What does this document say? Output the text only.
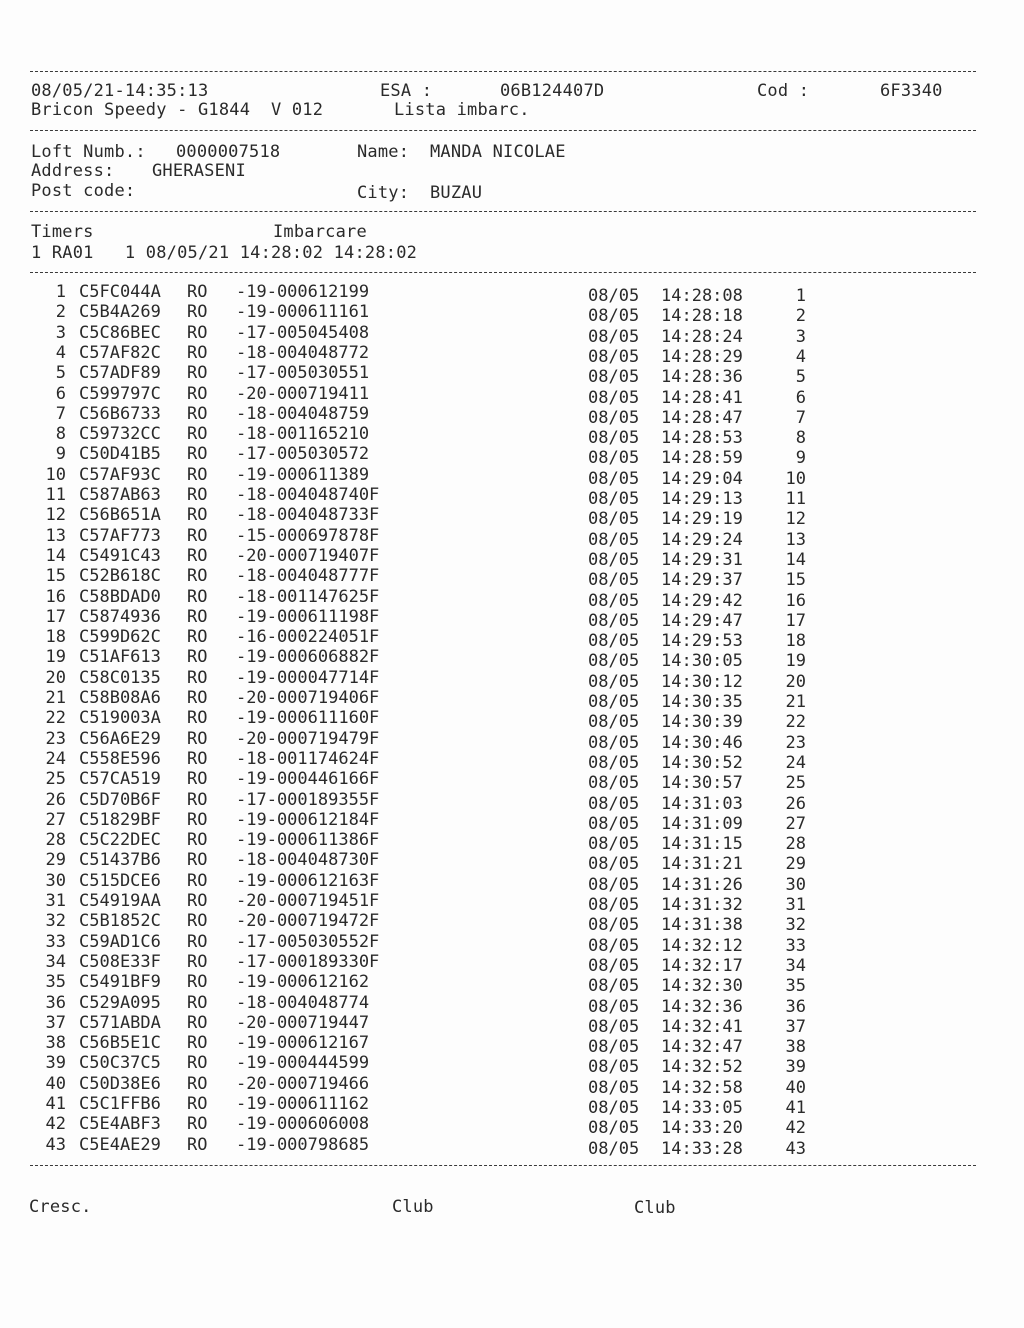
08/05/21-14:35:13	ESA :	06B124407D	Cod :	6F3340
Bricon Speedy - G1844  V 012	Lista imbarc.
Loft Numb.: 0000007518	Name: MANDA NICOLAE
Address: GHERASENI
Post code:	City: BUZAU
Timers	Imbarcare
1 RA01   1 08/05/21 14:28:02 14:28:02
1 C5FC044A RO -19-000612199	08/05 14:28:08	1
2 C5B4A269 RO -19-000611161	08/05 14:28:18	2
3 C5C86BEC RO -17-005045408	08/05 14:28:24	3
4 C57AF82C RO -18-004048772	08/05 14:28:29	4
5 C57ADF89 RO -17-005030551	08/05 14:28:36	5
6 C599797C RO -20-000719411	08/05 14:28:41	6
7 C56B6733 RO -18-004048759	08/05 14:28:47	7
8 C59732CC RO -18-001165210	08/05 14:28:53	8
9 C50D41B5 RO -17-005030572	08/05 14:28:59	9
10 C57AF93C RO -19-000611389	08/05 14:29:04	10
11 C587AB63 RO -18-004048740F	08/05 14:29:13	11
12 C56B651A RO -18-004048733F	08/05 14:29:19	12
13 C57AF773 RO -15-000697878F	08/05 14:29:24	13
14 C5491C43 RO -20-000719407F	08/05 14:29:31	14
15 C52B618C RO -18-004048777F	08/05 14:29:37	15
16 C58BDAD0 RO -18-001147625F	08/05 14:29:42	16
17 C5874936 RO -19-000611198F	08/05 14:29:47	17
18 C599D62C RO -16-000224051F	08/05 14:29:53	18
19 C51AF613 RO -19-000606882F	08/05 14:30:05	19
20 C58C0135 RO -19-000047714F	08/05 14:30:12	20
21 C58B08A6 RO -20-000719406F	08/05 14:30:35	21
22 C519003A RO -19-000611160F	08/05 14:30:39	22
23 C56A6E29 RO -20-000719479F	08/05 14:30:46	23
24 C558E596 RO -18-001174624F	08/05 14:30:52	24
25 C57CA519 RO -19-000446166F	08/05 14:30:57	25
26 C5D70B6F RO -17-000189355F	08/05 14:31:03	26
27 C51829BF RO -19-000612184F	08/05 14:31:09	27
28 C5C22DEC RO -19-000611386F	08/05 14:31:15	28
29 C51437B6 RO -18-004048730F	08/05 14:31:21	29
30 C515DCE6 RO -19-000612163F	08/05 14:31:26	30
31 C54919AA RO -20-000719451F	08/05 14:31:32	31
32 C5B1852C RO -20-000719472F	08/05 14:31:38	32
33 C59AD1C6 RO -17-005030552F	08/05 14:32:12	33
34 C508E33F RO -17-000189330F	08/05 14:32:17	34
35 C5491BF9 RO -19-000612162	08/05 14:32:30	35
36 C529A095 RO -18-004048774	08/05 14:32:36	36
37 C571ABDA RO -20-000719447	08/05 14:32:41	37
38 C56B5E1C RO -19-000612167	08/05 14:32:47	38
39 C50C37C5 RO -19-000444599	08/05 14:32:52	39
40 C50D38E6 RO -20-000719466	08/05 14:32:58	40
41 C5C1FFB6 RO -19-000611162	08/05 14:33:05	41
42 C5E4ABF3 RO -19-000606008	08/05 14:33:20	42
43 C5E4AE29 RO -19-000798685	08/05 14:33:28	43
Cresc.	Club	Club
